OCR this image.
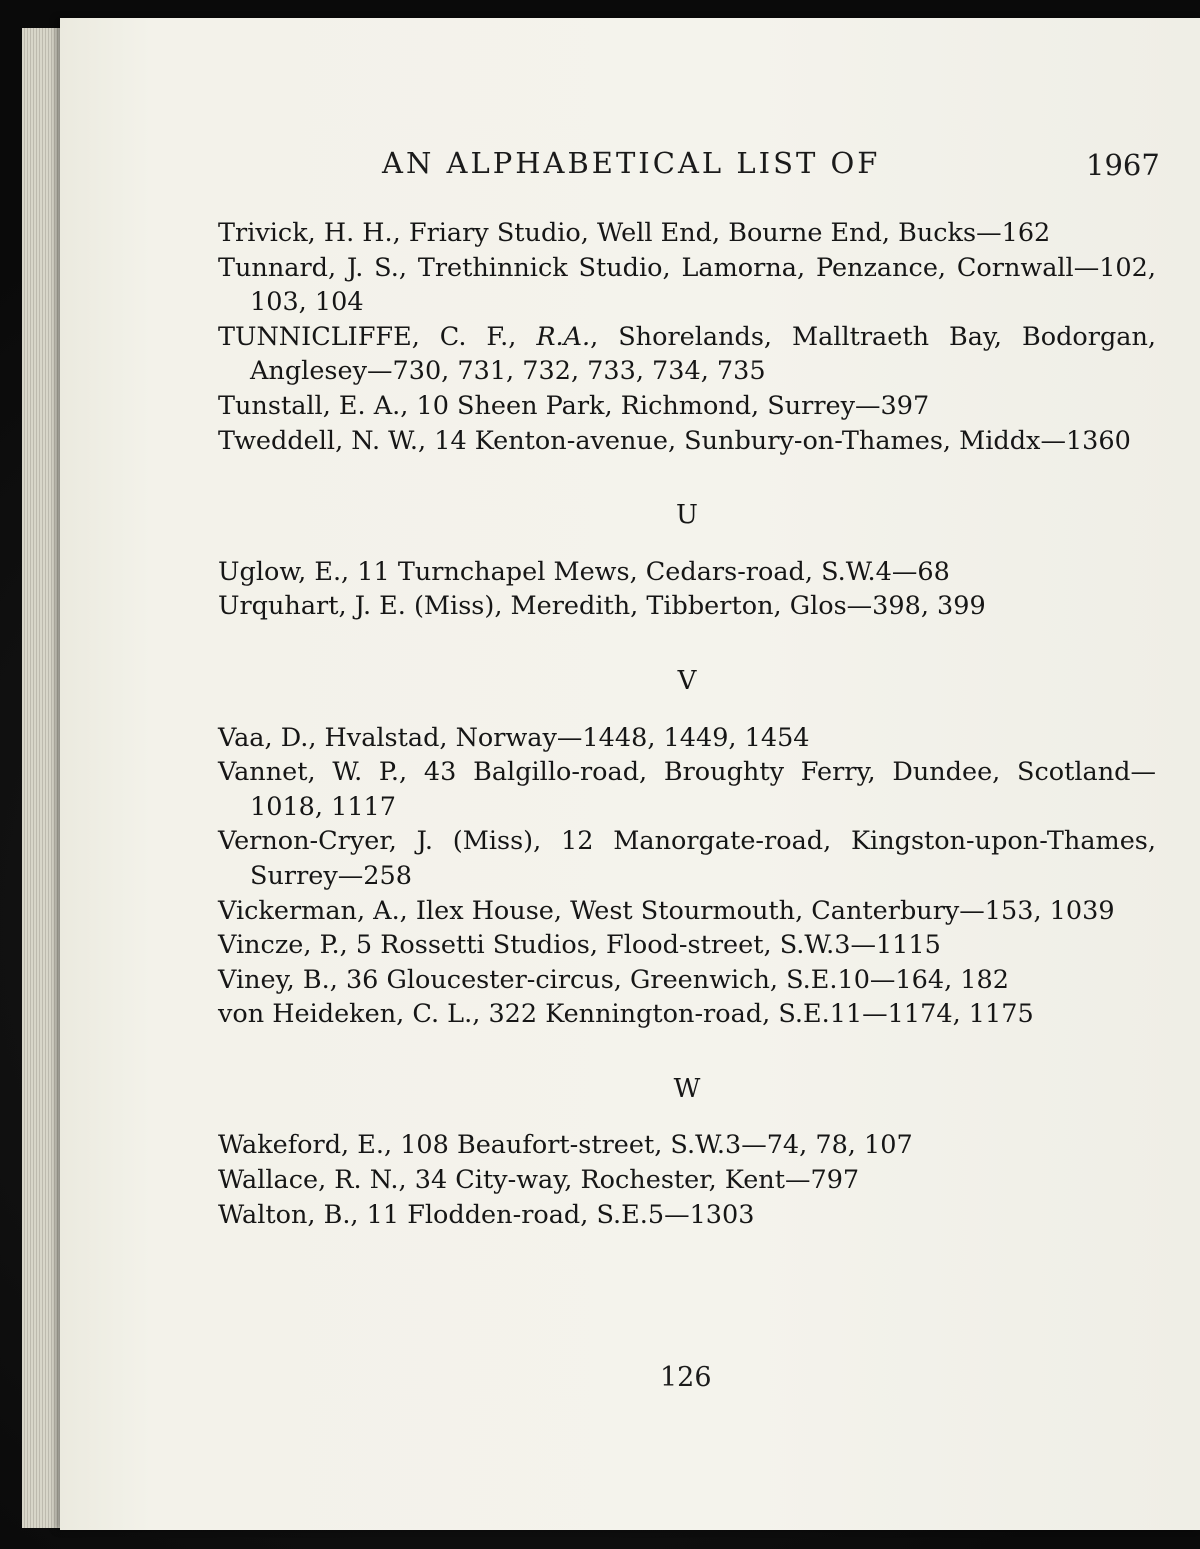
AN ALPHABETICAL LIST OF	1967

Trivick, H. H., Friary Studio, Well End, Bourne End, Bucks—162

Tunnard, J. S., Trethinnick Studio, Lamorna, Penzance, Cornwall—102, 103, 104

TUNNICLIFFE, C. F., R.A., Shorelands, Malltraeth Bay, Bodorgan, Anglesey—730, 731, 732, 733, 734, 735

Tunstall, E. A., 10 Sheen Park, Richmond, Surrey—397

Tweddell, N. W., 14 Kenton-avenue, Sunbury-on-Thames, Middx—1360

U

Uglow, E., 11 Turnchapel Mews, Cedars-road, S.W.4—68

Urquhart, J. E. (Miss), Meredith, Tibberton, Glos—398, 399

V

Vaa, D., Hvalstad, Norway—1448, 1449, 1454

Vannet, W. P., 43 Balgillo-road, Broughty Ferry, Dundee, Scotland—1018, 1117

Vernon-Cryer, J. (Miss), 12 Manorgate-road, Kingston-upon-Thames, Surrey—258

Vickerman, A., Ilex House, West Stourmouth, Canterbury—153, 1039

Vincze, P., 5 Rossetti Studios, Flood-street, S.W.3—1115

Viney, B., 36 Gloucester-circus, Greenwich, S.E.10—164, 182

von Heideken, C. L., 322 Kennington-road, S.E.11—1174, 1175

W

Wakeford, E., 108 Beaufort-street, S.W.3—74, 78, 107

Wallace, R. N., 34 City-way, Rochester, Kent—797

Walton, B., 11 Flodden-road, S.E.5—1303

126
